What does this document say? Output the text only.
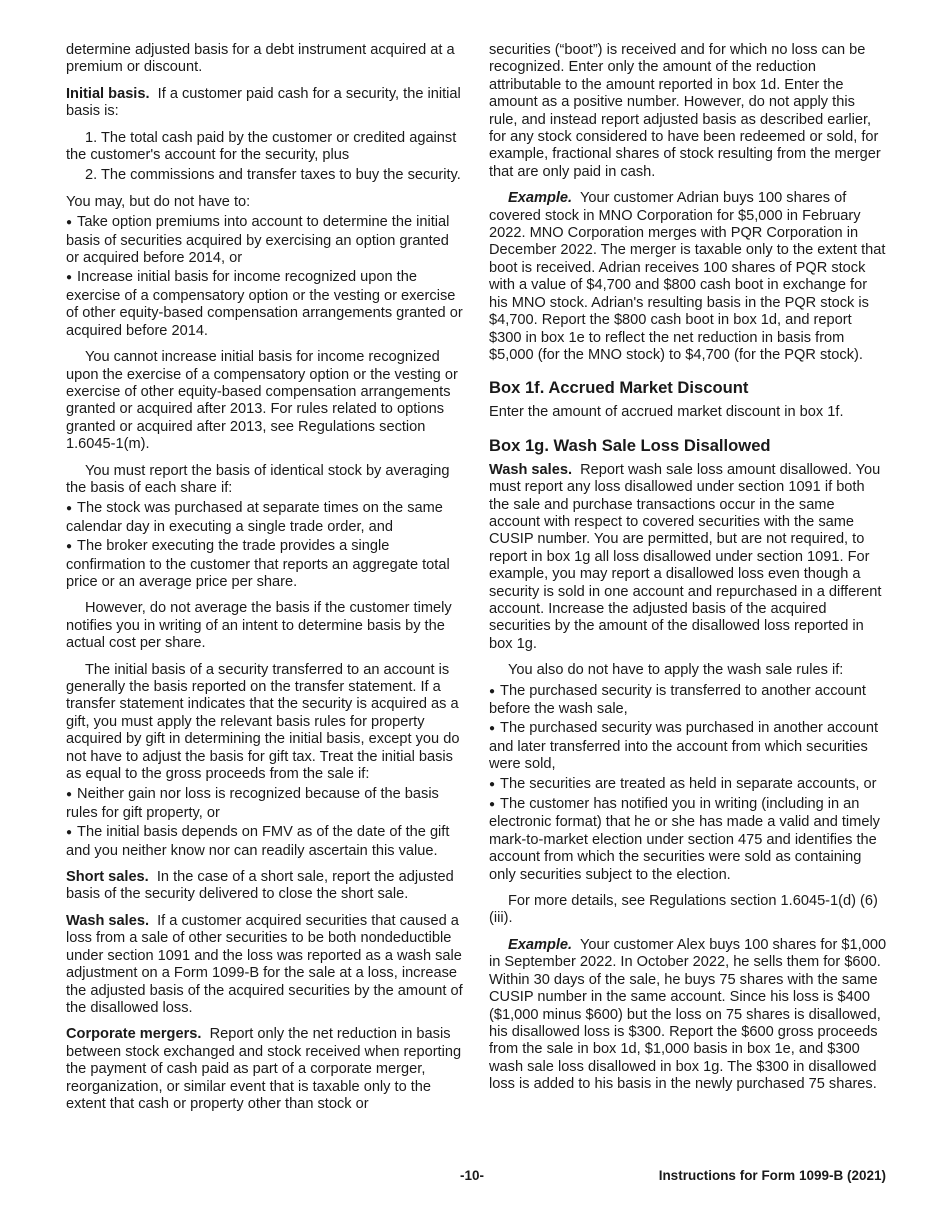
determine adjusted basis for a debt instrument acquired at a premium or discount.

Initial basis. If a customer paid cash for a security, the initial basis is:

1. The total cash paid by the customer or credited against the customer's account for the security, plus

2. The commissions and transfer taxes to buy the security.

You may, but do not have to:

● Take option premiums into account to determine the initial basis of securities acquired by exercising an option granted or acquired before 2014, or

● Increase initial basis for income recognized upon the exercise of a compensatory option or the vesting or exercise of other equity-based compensation arrangements granted or acquired before 2014.

You cannot increase initial basis for income recognized upon the exercise of a compensatory option or the vesting or exercise of other equity-based compensation arrangements granted or acquired after 2013. For rules related to options granted or acquired after 2013, see Regulations section 1.6045-1(m).

You must report the basis of identical stock by averaging the basis of each share if:

● The stock was purchased at separate times on the same calendar day in executing a single trade order, and

● The broker executing the trade provides a single confirmation to the customer that reports an aggregate total price or an average price per share.

However, do not average the basis if the customer timely notifies you in writing of an intent to determine basis by the actual cost per share.

The initial basis of a security transferred to an account is generally the basis reported on the transfer statement. If a transfer statement indicates that the security is acquired as a gift, you must apply the relevant basis rules for property acquired by gift in determining the initial basis, except you do not have to adjust the basis for gift tax. Treat the initial basis as equal to the gross proceeds from the sale if:

● Neither gain nor loss is recognized because of the basis rules for gift property, or

● The initial basis depends on FMV as of the date of the gift and you neither know nor can readily ascertain this value.

Short sales. In the case of a short sale, report the adjusted basis of the security delivered to close the short sale.

Wash sales. If a customer acquired securities that caused a loss from a sale of other securities to be both nondeductible under section 1091 and the loss was reported as a wash sale adjustment on a Form 1099-B for the sale at a loss, increase the adjusted basis of the acquired securities by the amount of the disallowed loss.

Corporate mergers. Report only the net reduction in basis between stock exchanged and stock received when reporting the payment of cash paid as part of a corporate merger, reorganization, or similar event that is taxable only to the extent that cash or property other than stock or

securities (“boot”) is received and for which no loss can be recognized. Enter only the amount of the reduction attributable to the amount reported in box 1d. Enter the amount as a positive number. However, do not apply this rule, and instead report adjusted basis as described earlier, for any stock considered to have been redeemed or sold, for example, fractional shares of stock resulting from the merger that are only paid in cash.

Example. Your customer Adrian buys 100 shares of covered stock in MNO Corporation for $5,000 in February 2022. MNO Corporation merges with PQR Corporation in December 2022. The merger is taxable only to the extent that boot is received. Adrian receives 100 shares of PQR stock with a value of $4,700 and $800 cash boot in exchange for his MNO stock. Adrian's resulting basis in the PQR stock is $4,700. Report the $800 cash boot in box 1d, and report $300 in box 1e to reflect the net reduction in basis from $5,000 (for the MNO stock) to $4,700 (for the PQR stock).

Box 1f. Accrued Market Discount

Enter the amount of accrued market discount in box 1f.

Box 1g. Wash Sale Loss Disallowed

Wash sales. Report wash sale loss amount disallowed. You must report any loss disallowed under section 1091 if both the sale and purchase transactions occur in the same account with respect to covered securities with the same CUSIP number. You are permitted, but are not required, to report in box 1g all loss disallowed under section 1091. For example, you may report a disallowed loss even though a security is sold in one account and repurchased in a different account. Increase the adjusted basis of the acquired securities by the amount of the disallowed loss reported in box 1g.

You also do not have to apply the wash sale rules if:

● The purchased security is transferred to another account before the wash sale,

● The purchased security was purchased in another account and later transferred into the account from which securities were sold,

● The securities are treated as held in separate accounts, or

● The customer has notified you in writing (including in an electronic format) that he or she has made a valid and timely mark-to-market election under section 475 and identifies the account from which the securities were sold as containing only securities subject to the election.

For more details, see Regulations section 1.6045-1(d) (6)(iii).

Example. Your customer Alex buys 100 shares for $1,000 in September 2022. In October 2022, he sells them for $600. Within 30 days of the sale, he buys 75 shares with the same CUSIP number in the same account. Since his loss is $400 ($1,000 minus $600) but the loss on 75 shares is disallowed, his disallowed loss is $300. Report the $600 gross proceeds from the sale in box 1d, $1,000 basis in box 1e, and $300 wash sale loss disallowed in box 1g. The $300 in disallowed loss is added to his basis in the newly purchased 75 shares.

-10-	Instructions for Form 1099-B (2021)
